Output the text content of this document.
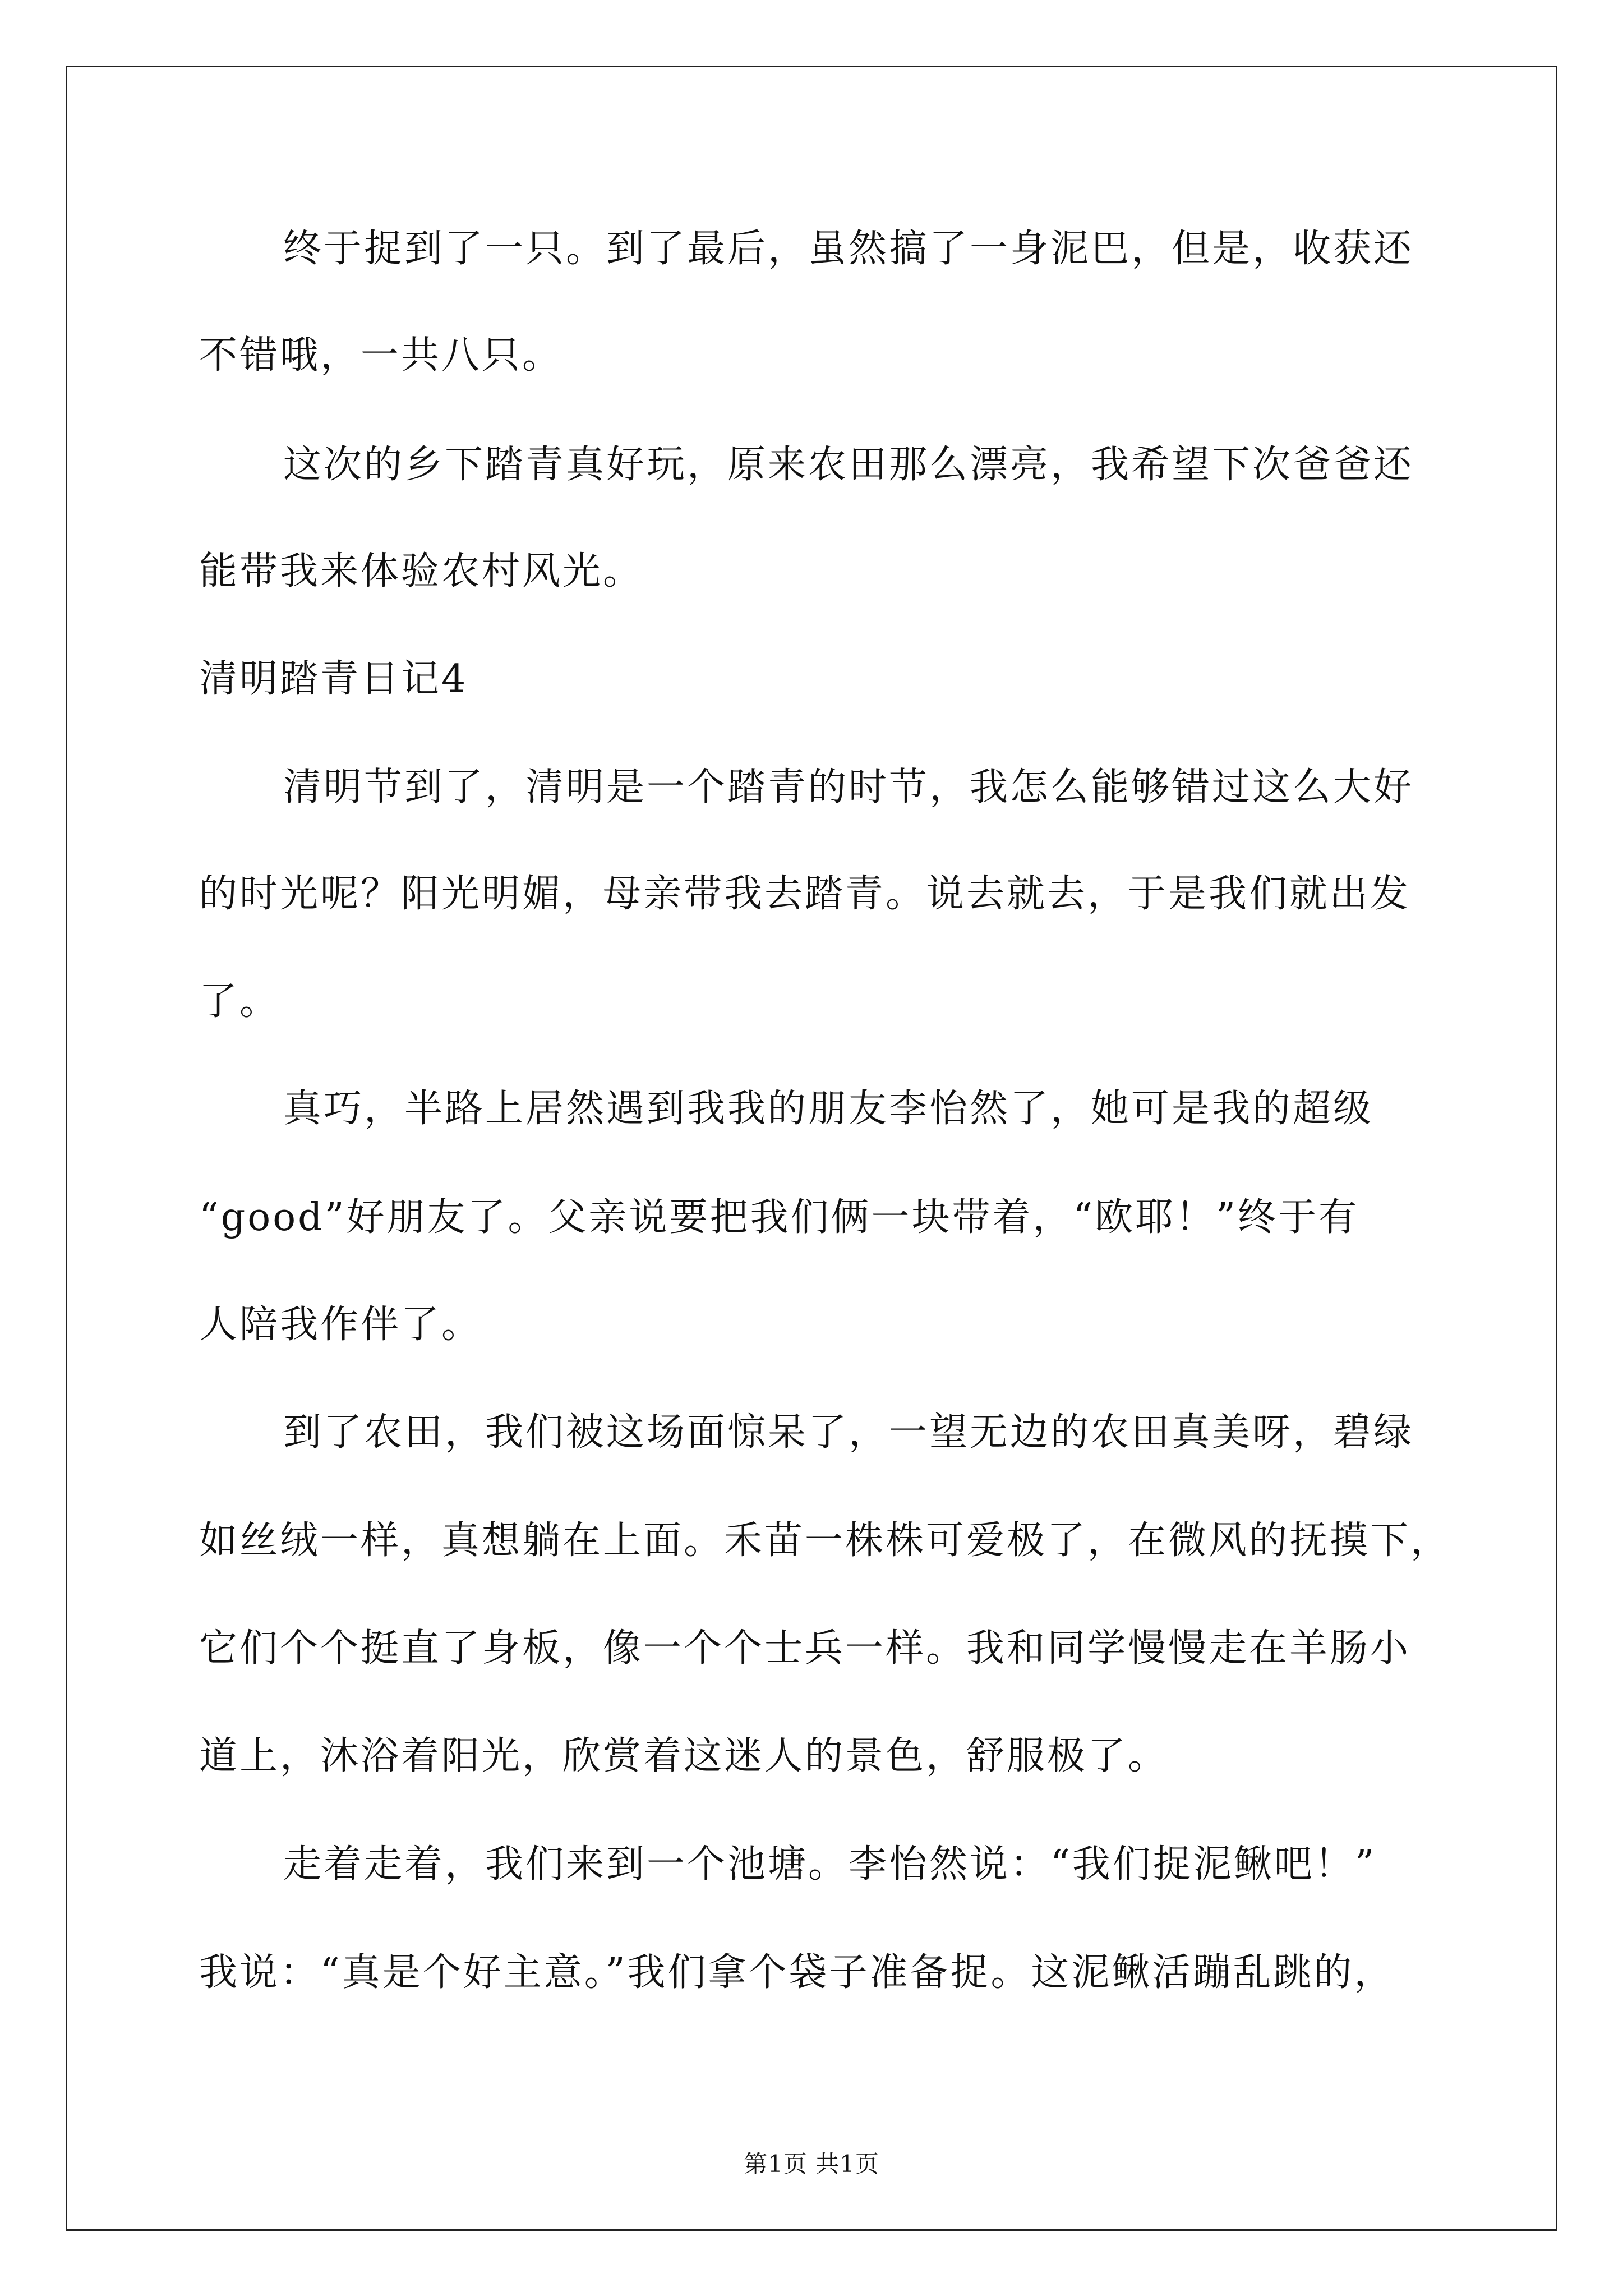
终于捉到了一只。到了最后，虽然搞了一身泥巴，但是，收获还
不错哦，一共八只。
这次的乡下踏青真好玩，原来农田那么漂亮，我希望下次爸爸还
能带我来体验农村风光。
清明踏青日记4
清明节到了，清明是一个踏青的时节，我怎么能够错过这么大好
的时光呢？阳光明媚，母亲带我去踏青。说去就去，于是我们就出发
了。
真巧，半路上居然遇到我我的朋友李怡然了，她可是我的超级
“good”好朋友了。父亲说要把我们俩一块带着，“欧耶！”终于有
人陪我作伴了。
到了农田，我们被这场面惊呆了，一望无边的农田真美呀，碧绿
如丝绒一样，真想躺在上面。禾苗一株株可爱极了，在微风的抚摸下，
它们个个挺直了身板，像一个个士兵一样。我和同学慢慢走在羊肠小
道上，沐浴着阳光，欣赏着这迷人的景色，舒服极了。
走着走着，我们来到一个池塘。李怡然说：“我们捉泥鳅吧！”
我说：“真是个好主意。”我们拿个袋子准备捉。这泥鳅活蹦乱跳的，
第1页 共1页
